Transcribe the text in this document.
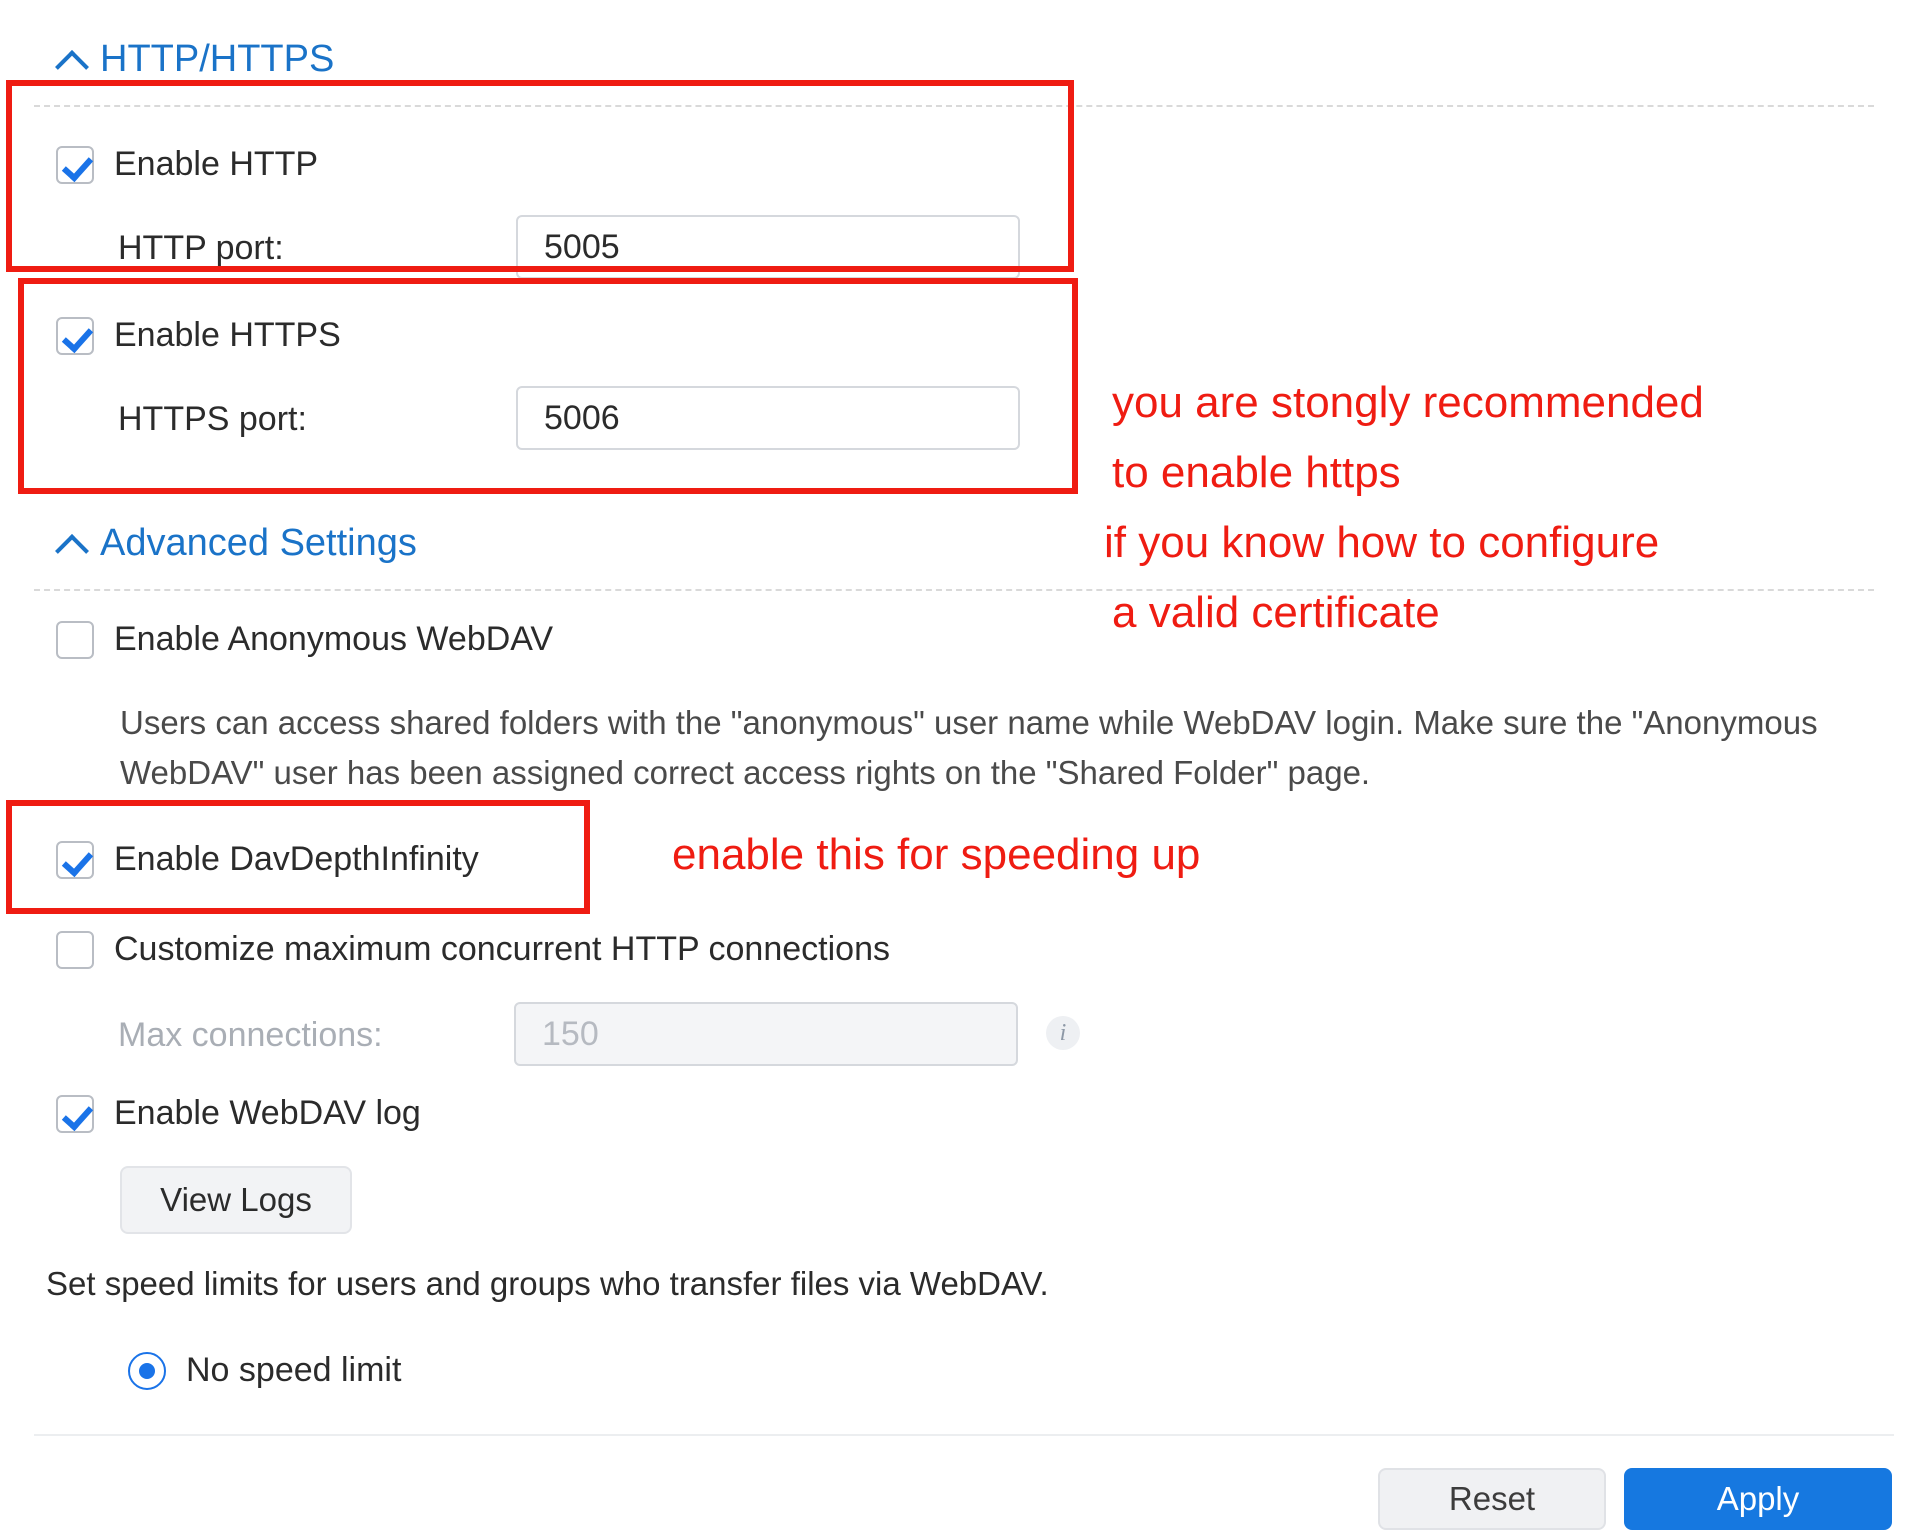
HTTP/HTTPS
Enable HTTP
HTTP port:	5005
Enable HTTPS
HTTPS port:	5006
Advanced Settings
Enable Anonymous WebDAV
Users can access shared folders with the "anonymous" user name while WebDAV login. Make sure the "Anonymous WebDAV" user has been assigned correct access rights on the "Shared Folder" page.
Enable DavDepthInfinity
Customize maximum concurrent HTTP connections
Max connections:	150	i
Enable WebDAV log
View Logs
Set speed limits for users and groups who transfer files via WebDAV.
No speed limit
Reset	Apply
you are stongly recommended
to enable https
if you know how to configure
a valid certificate
enable this for speeding up
